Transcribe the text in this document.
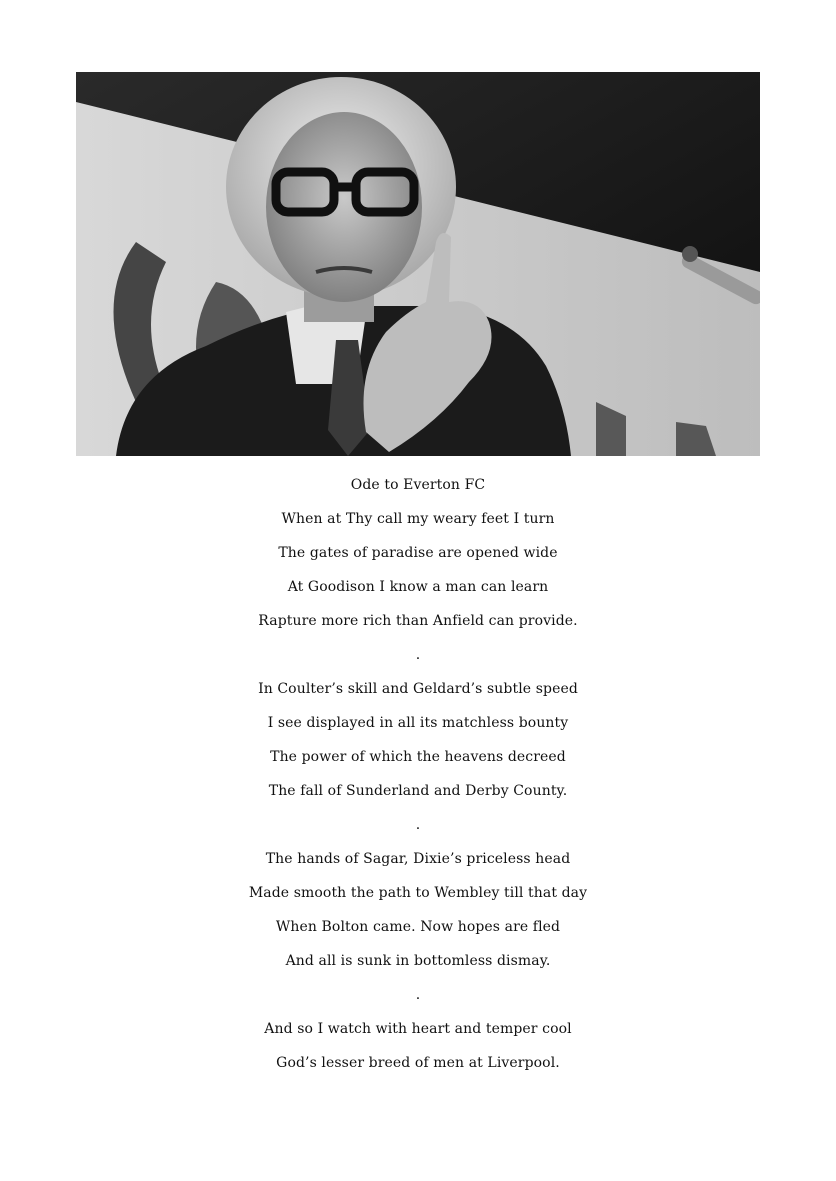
Ode to Everton FC
When at Thy call my weary feet I turn
The gates of paradise are opened wide
At Goodison I know a man can learn
Rapture more rich than Anfield can provide.
.
In Coulter’s skill and Geldard’s subtle speed
I see displayed in all its matchless bounty
The power of which the heavens decreed
The fall of Sunderland and Derby County.
.
The hands of Sagar, Dixie’s priceless head
Made smooth the path to Wembley till that day
When Bolton came. Now hopes are fled
And all is sunk in bottomless dismay.
.
And so I watch with heart and temper cool
God’s lesser breed of men at Liverpool.
